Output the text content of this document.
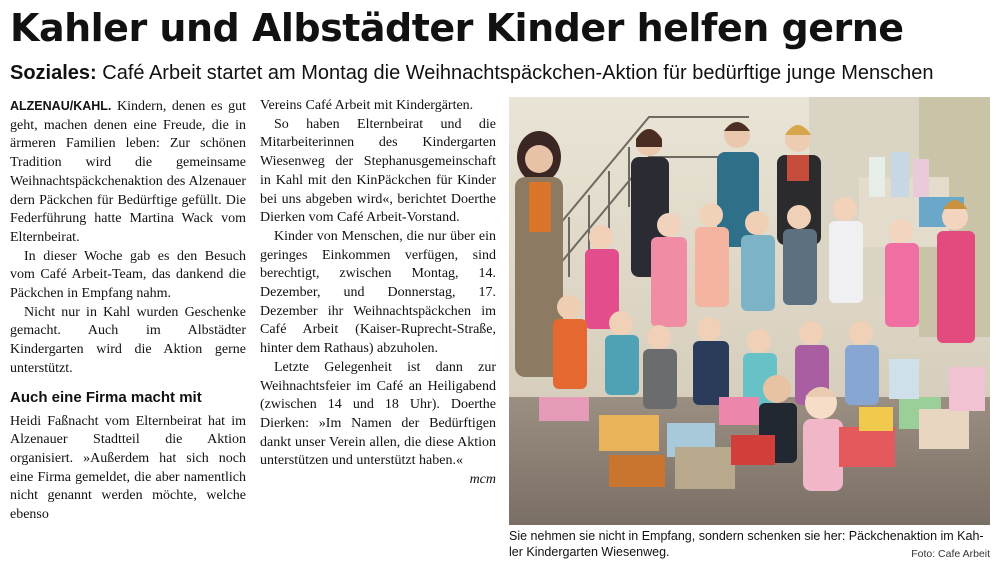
Kahler und Albstädter Kinder helfen gerne
Soziales: Café Arbeit startet am Montag die Weihnachtspäckchen-Aktion für bedürftige junge Menschen

ALZENAU/KAHL. Kindern, denen es gut geht, machen denen eine Freude, die in ärmeren Familien leben: Zur schönen Tradition wird die gemeinsame Weihnachtspäckchenaktion des Alzenauer dern Päckchen für Bedürftige gefüllt. Die Federführung hatte Martina Wack vom Elternbeirat.

In dieser Woche gab es den Besuch vom Café Arbeit-Team, das dankend die Päckchen in Empfang nahm.

Nicht nur in Kahl wurden Geschenke gemacht. Auch im Albstädter Kindergarten wird die Aktion gerne unterstützt.

Auch eine Firma macht mit

Heidi Faßnacht vom Elternbeirat hat im Alzenauer Stadtteil die Aktion organisiert. »Außerdem hat sich noch eine Firma gemeldet, die aber namentlich nicht genannt werden möchte, welche ebenso

Vereins Café Arbeit mit Kindergärten.

So haben Elternbeirat und die Mitarbeiterinnen des Kindergarten Wiesenweg der Stephanusgemeinschaft in Kahl mit den KinPäckchen für Kinder bei uns abgeben wird«, berichtet Doerthe Dierken vom Café Arbeit-Vorstand.

Kinder von Menschen, die nur über ein geringes Einkommen verfügen, sind berechtigt, zwischen Montag, 14. Dezember, und Donnerstag, 17. Dezember ihr Weihnachtspäckchen im Café Arbeit (Kaiser-Ruprecht-Straße, hinter dem Rathaus) abzuholen.

Letzte Gelegenheit ist dann zur Weihnachtsfeier im Café an Heiligabend (zwischen 14 und 18 Uhr). Doerthe Dierken: »Im Namen der Bedürftigen dankt unser Verein allen, die diese Aktion unterstützen und unterstützt haben.«
mcm

Sie nehmen sie nicht in Empfang, sondern schenken sie her: Päckchenaktion im Kahler Kindergarten Wiesenweg.	Foto: Cafe Arbeit
